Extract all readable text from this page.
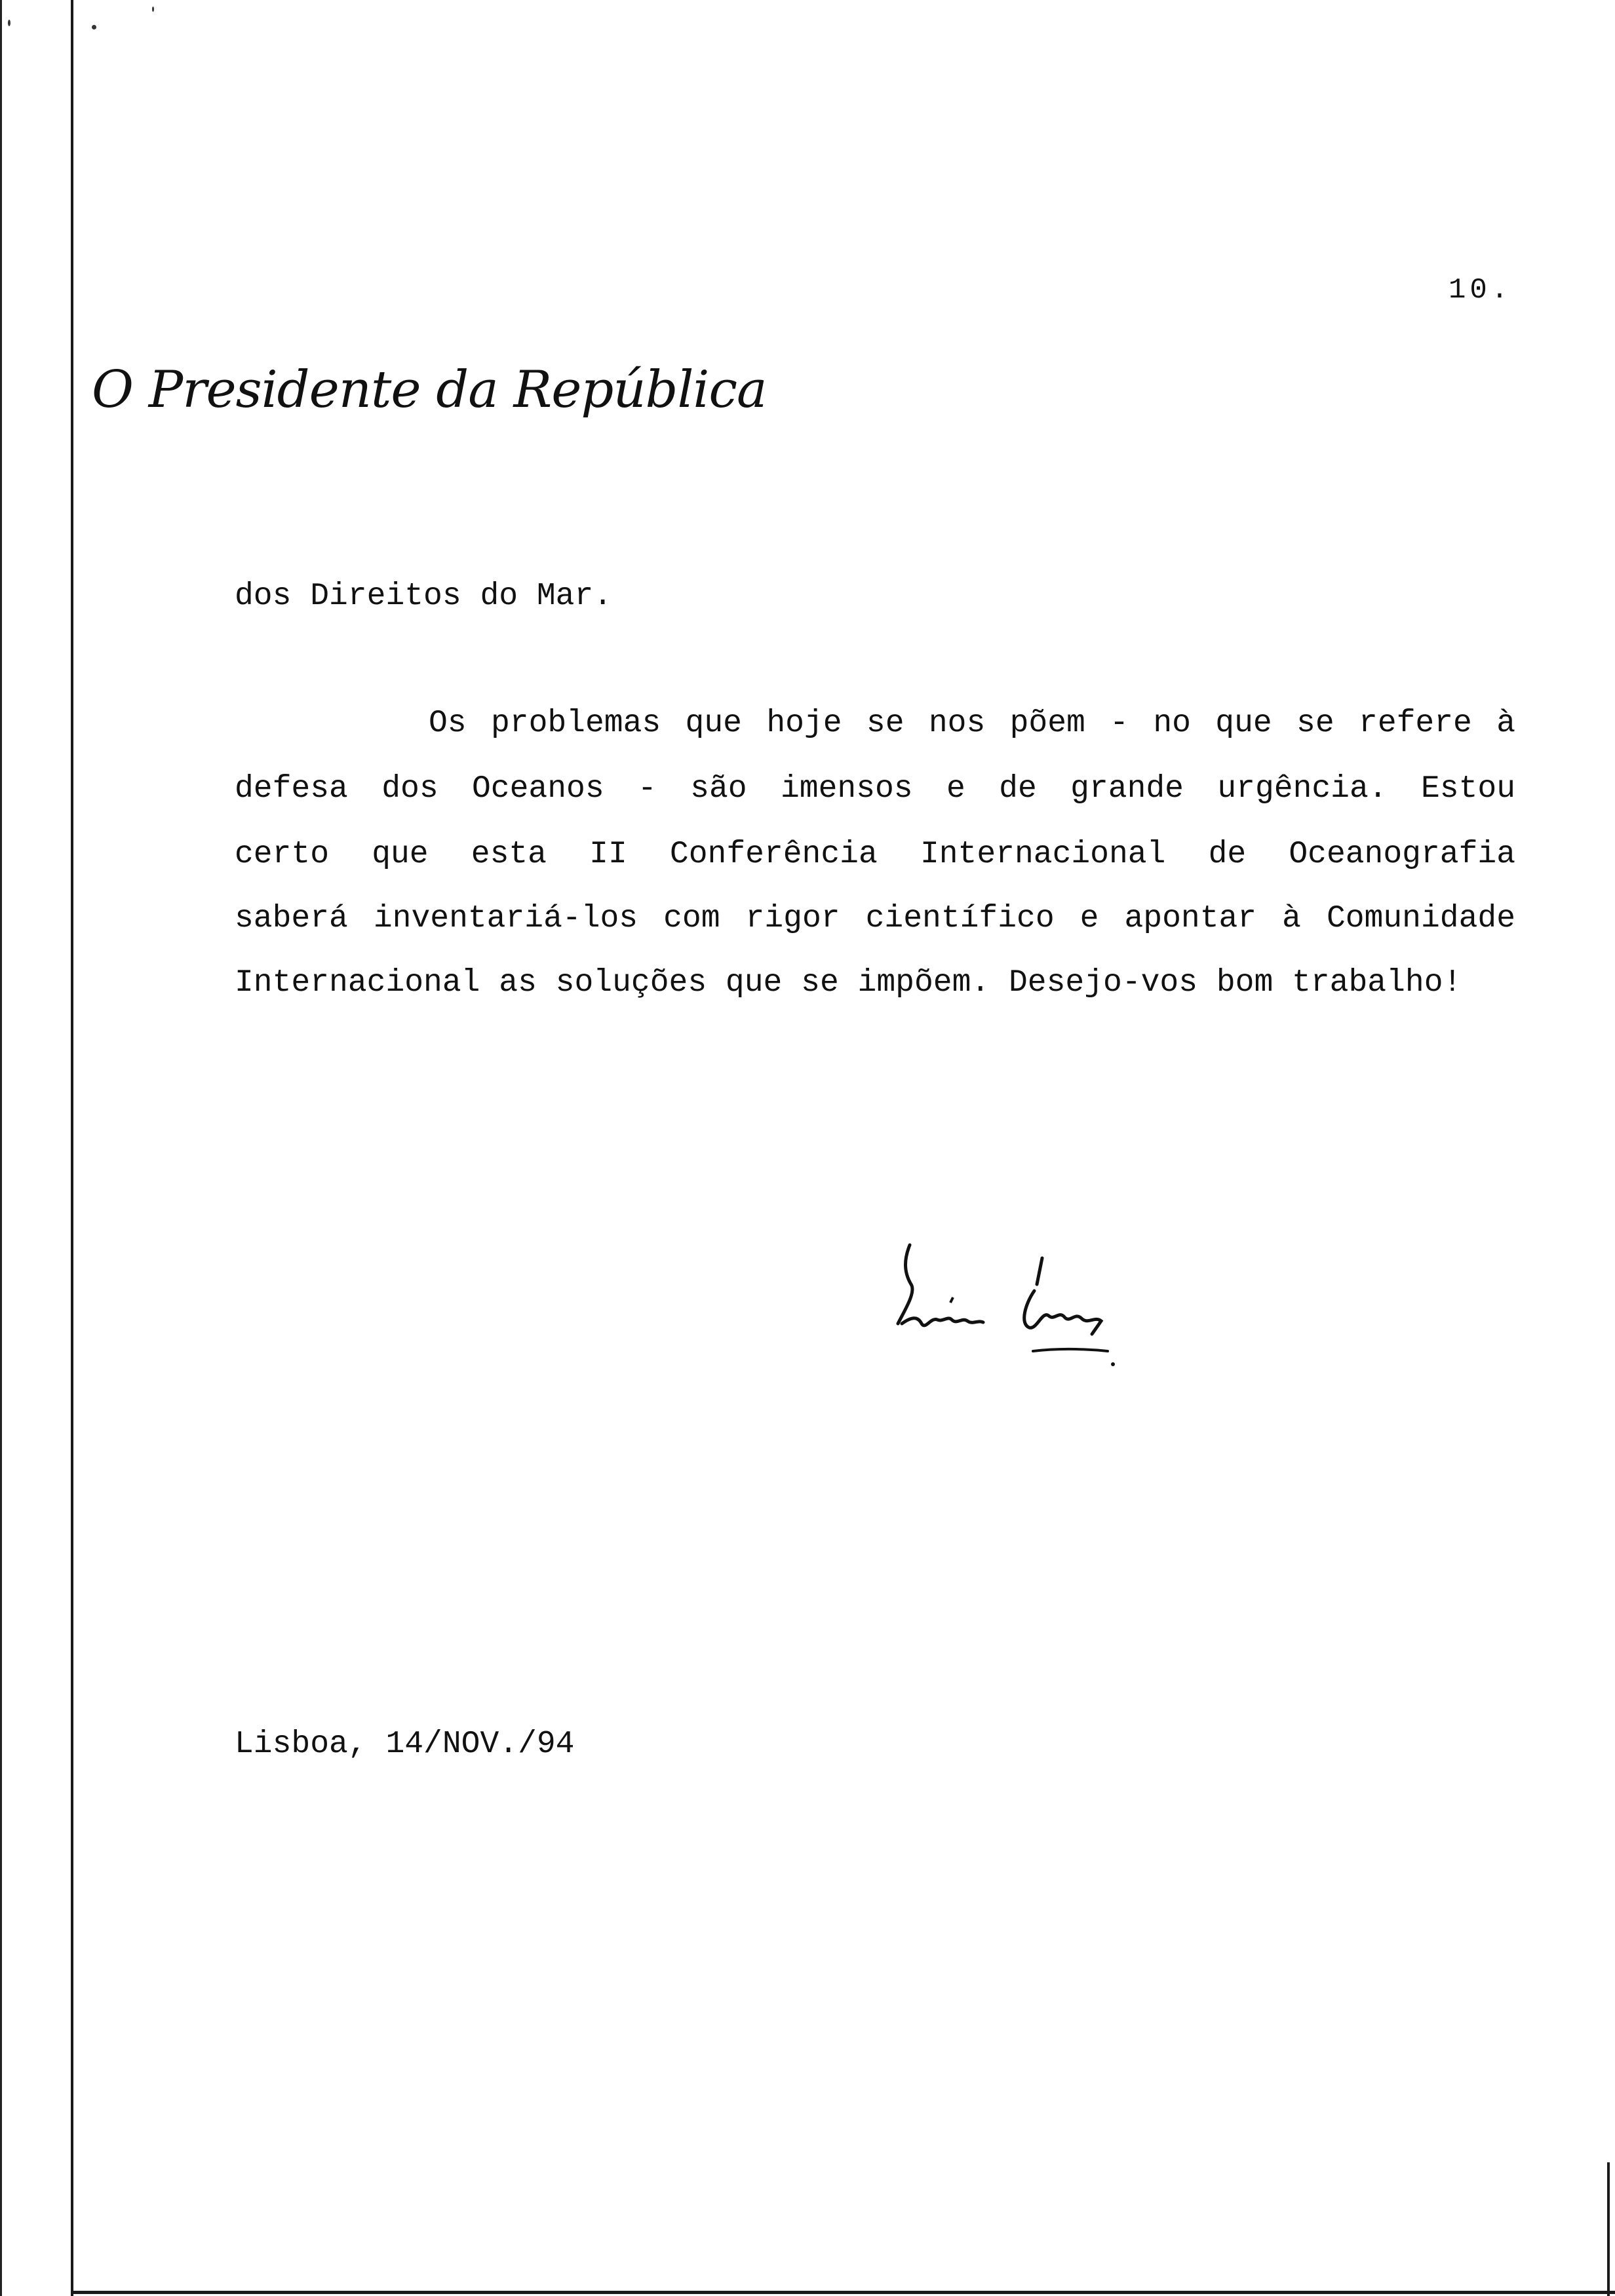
10.
O Presidente da República
dos Direitos do Mar.
Os problemas que hoje se nos põem - no que se refere à
defesa dos Oceanos - são imensos e de grande urgência. Estou
certo que esta II Conferência Internacional de Oceanografia
saberá inventariá-los com rigor científico e apontar à Comunidade
Internacional as soluções que se impõem. Desejo-vos bom trabalho!
Lisboa, 14/NOV./94
